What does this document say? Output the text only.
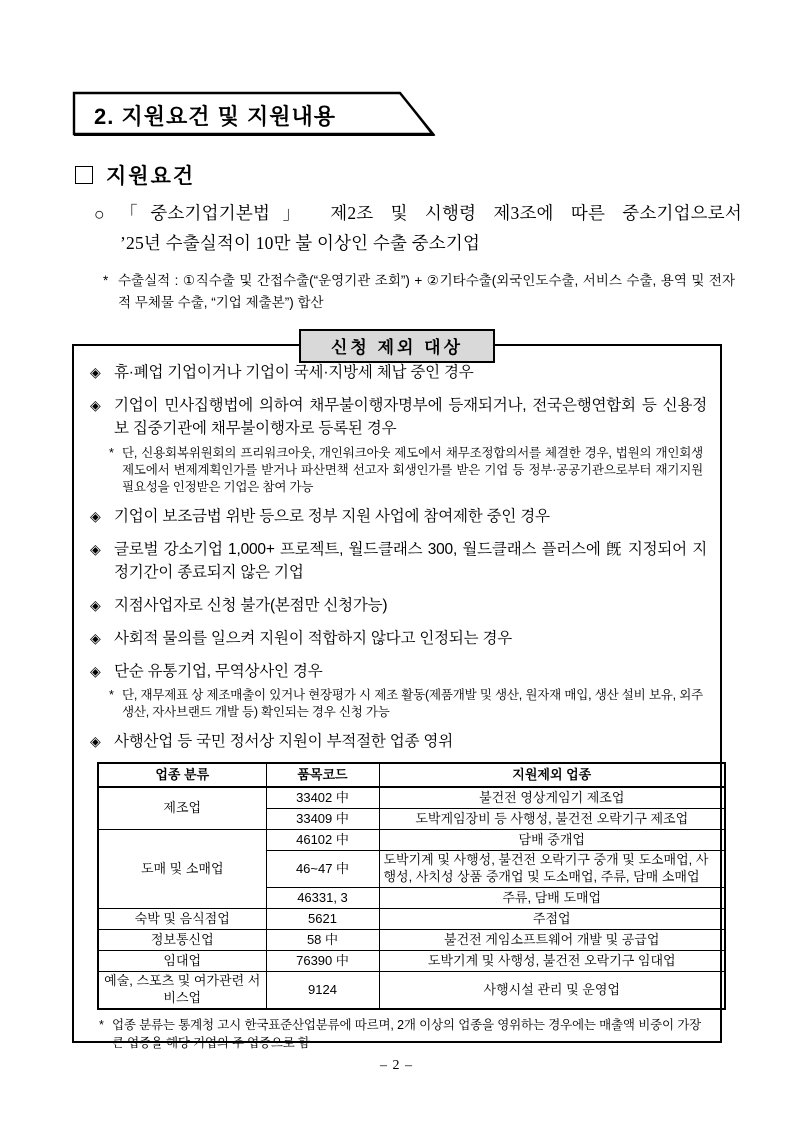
2. 지원요건 및 지원내용
지원요건
○ 「중소기업기본법」 제2조 및 시행령 제3조에 따른 중소기업으로서
’25년 수출실적이 10만 불 이상인 수출 중소기업
* 수출실적 : ①직수출 및 간접수출(“운영기관 조회”) + ②기타수출(외국인도수출, 서비스 수출, 용역 및 전자적 무체물 수출, “기업 제출본”) 합산
신청 제외 대상
◈ 휴·폐업 기업이거나 기업이 국세·지방세 체납 중인 경우
◈ 기업이 민사집행법에 의하여 채무불이행자명부에 등재되거나, 전국은행연합회 등 신용정보 집중기관에 채무불이행자로 등록된 경우
* 단, 신용회복위원회의 프리워크아웃, 개인워크아웃 제도에서 채무조정합의서를 체결한 경우, 법원의 개인회생제도에서 변제계획인가를 받거나 파산면책 선고자 회생인가를 받은 기업 등 정부·공공기관으로부터 재기지원 필요성을 인정받은 기업은 참여 가능
◈ 기업이 보조금법 위반 등으로 정부 지원 사업에 참여제한 중인 경우
◈ 글로벌 강소기업 1,000+ 프로젝트, 월드클래스 300, 월드클래스 플러스에 旣 지정되어 지정기간이 종료되지 않은 기업
◈ 지점사업자로 신청 불가(본점만 신청가능)
◈ 사회적 물의를 일으켜 지원이 적합하지 않다고 인정되는 경우
◈ 단순 유통기업, 무역상사인 경우
* 단, 재무제표 상 제조매출이 있거나 현장평가 시 제조 활동(제품개발 및 생산, 원자재 매입, 생산 설비 보유, 외주생산, 자사브랜드 개발 등) 확인되는 경우 신청 가능
◈ 사행산업 등 국민 정서상 지원이 부적절한 업종 영위
업종 분류	품목코드	지원제외 업종
제조업	33402 中	불건전 영상게임기 제조업
	33409 中	도박게임장비 등 사행성, 불건전 오락기구 제조업
도매 및 소매업	46102 中	담배 중개업
	46~47 中	도박기계 및 사행성, 불건전 오락기구 중개 및 도소매업, 사행성, 사치성 상품 중개업 및 도소매업, 주류, 담매 소매업
	46331, 3	주류, 담배 도매업
숙박 및 음식점업	5621	주점업
정보통신업	58 中	불건전 게임소프트웨어 개발 및 공급업
임대업	76390 中	도박기계 및 사행성, 불건전 오락기구 임대업
예술, 스포츠 및 여가관련 서비스업	9124	사행시설 관리 및 운영업
* 업종 분류는 통계청 고시 한국표준산업분류에 따르며, 2개 이상의 업종을 영위하는 경우에는 매출액 비중이 가장 큰 업종을 해당 기업의 주 업종으로 함
– 2 –
